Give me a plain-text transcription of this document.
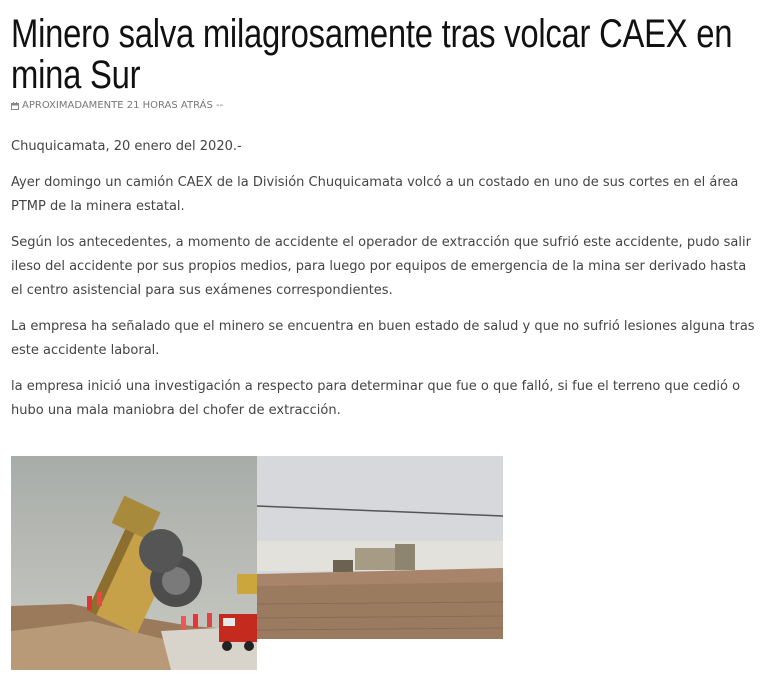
Minero salva milagrosamente tras volcar CAEX en mina Sur
APROXIMADAMENTE 21 HORAS ATRÁS --

Chuquicamata, 20 enero del 2020.-

Ayer domingo un camión CAEX de la División Chuquicamata volcó a un costado en uno de sus cortes en el área PTMP de la minera estatal.

Según los antecedentes, a momento de accidente el operador de extracción que sufrió este accidente, pudo salir ileso del accidente por sus propios medios, para luego por equipos de emergencia de la mina ser derivado hasta el centro asistencial para sus exámenes correspondientes.

La empresa ha señalado que el minero se encuentra en buen estado de salud y que no sufrió lesiones alguna tras este accidente laboral.

la empresa inició una investigación a respecto para determinar que fue o que falló, si fue el terreno que cedió o hubo una mala maniobra del chofer de extracción.
